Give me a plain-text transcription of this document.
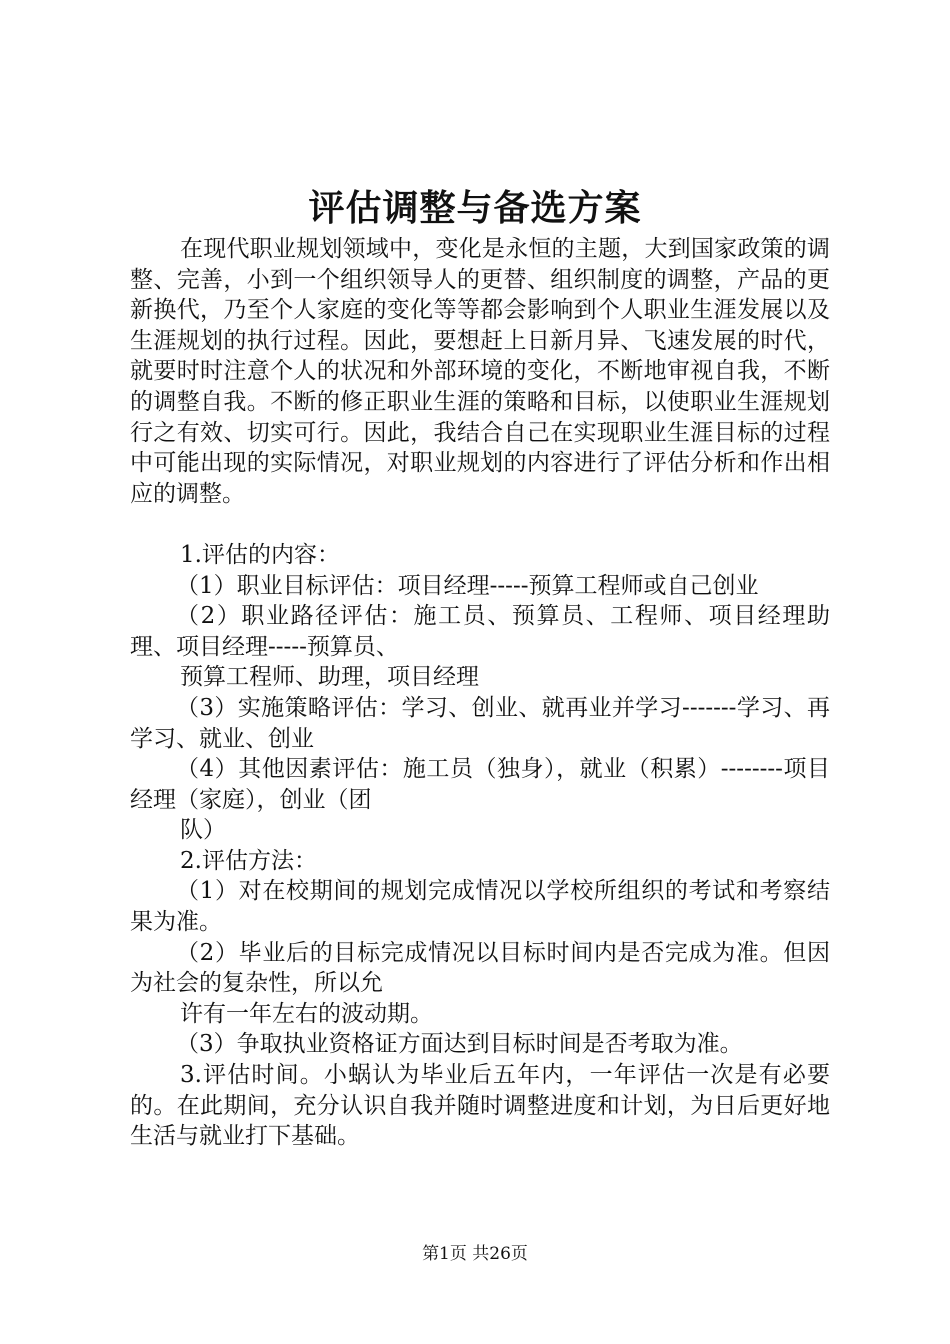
评估调整与备选方案

在现代职业规划领域中，变化是永恒的主题，大到国家政策的调整、完善，小到一个组织领导人的更替、组织制度的调整，产品的更新换代，乃至个人家庭的变化等等都会影响到个人职业生涯发展以及生涯规划的执行过程。因此，要想赶上日新月异、飞速发展的时代，就要时时注意个人的状况和外部环境的变化，不断地审视自我，不断的调整自我。不断的修正职业生涯的策略和目标，以使职业生涯规划行之有效、切实可行。因此，我结合自己在实现职业生涯目标的过程中可能出现的实际情况，对职业规划的内容进行了评估分析和作出相应的调整。

1.评估的内容：

（1）职业目标评估：项目经理-----预算工程师或自己创业

（2）职业路径评估：施工员、预算员、工程师、项目经理助理、项目经理-----预算员、

预算工程师、助理，项目经理

（3）实施策略评估：学习、创业、就再业并学习-------学习、再学习、就业、创业

（4）其他因素评估：施工员（独身），就业（积累）--------项目经理（家庭），创业（团

队）

2.评估方法：

（1）对在校期间的规划完成情况以学校所组织的考试和考察结果为准。

（2）毕业后的目标完成情况以目标时间内是否完成为准。但因为社会的复杂性，所以允

许有一年左右的波动期。

（3）争取执业资格证方面达到目标时间是否考取为准。

3.评估时间。小蜗认为毕业后五年内，一年评估一次是有必要的。在此期间，充分认识自我并随时调整进度和计划，为日后更好地生活与就业打下基础。

第1页 共26页
